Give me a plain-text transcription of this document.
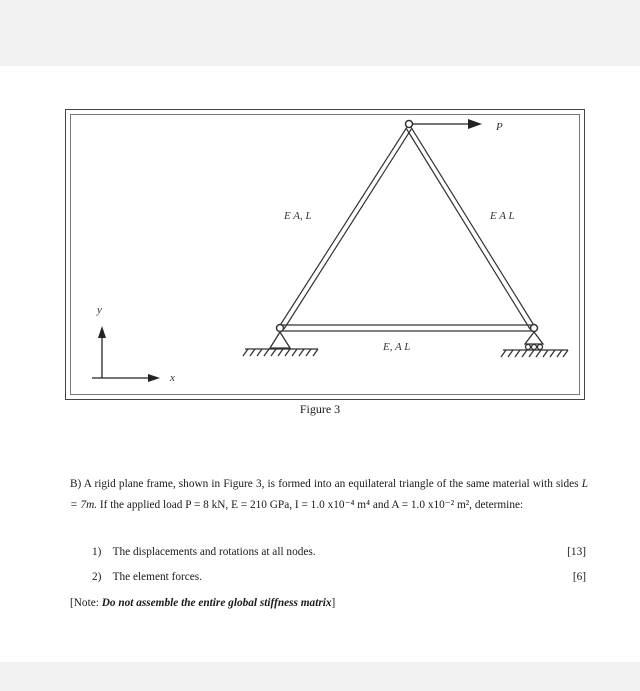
E A, L	E A L
E, A L
P
y
x
Figure 3

B) A rigid plane frame, shown in Figure 3, is formed into an equilateral triangle of the same material with sides L = 7m. If the applied load P = 8 kN, E = 210 GPa, I = 1.0 x10⁻⁴ m⁴ and A = 1.0 x10⁻² m², determine:

1) The displacements and rotations at all nodes.	[13]
2) The element forces.	[6]
[Note: Do not assemble the entire global stiffness matrix]
